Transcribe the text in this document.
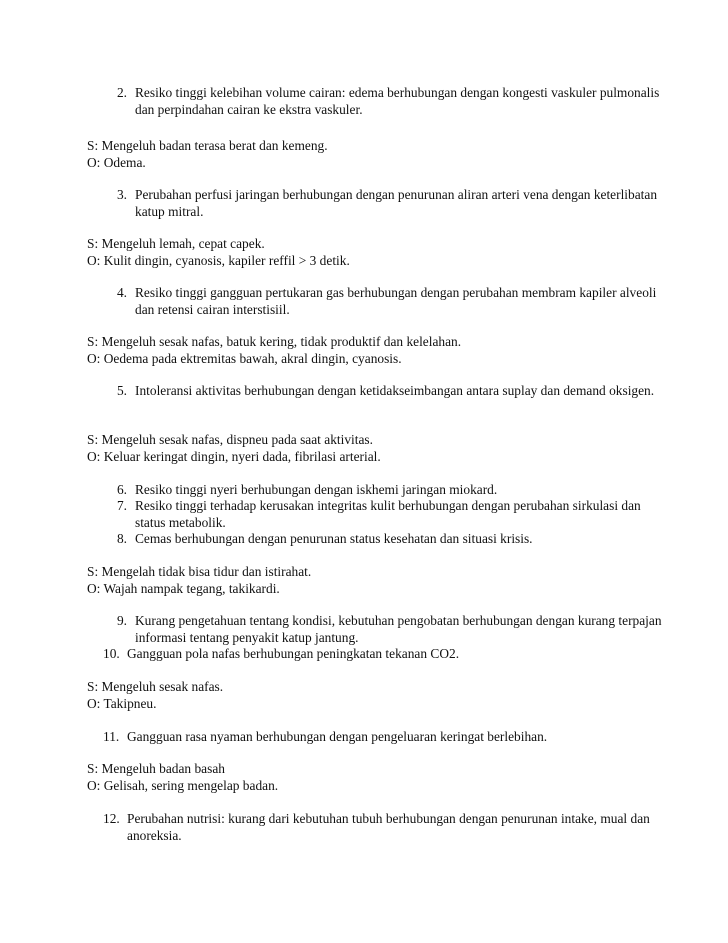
2. Resiko tinggi kelebihan volume cairan: edema berhubungan dengan kongesti vaskuler pulmonalis dan perpindahan cairan ke ekstra vaskuler.
S: Mengeluh badan terasa berat dan kemeng.
O: Odema.
3. Perubahan perfusi jaringan berhubungan dengan penurunan aliran arteri vena dengan keterlibatan katup mitral.
S: Mengeluh lemah, cepat capek.
O: Kulit dingin, cyanosis, kapiler reffil > 3 detik.
4. Resiko tinggi gangguan pertukaran gas berhubungan dengan perubahan membram kapiler alveoli dan retensi cairan interstisiil.
S: Mengeluh sesak nafas, batuk kering, tidak produktif dan kelelahan.
O: Oedema pada ektremitas bawah, akral dingin, cyanosis.
5. Intoleransi aktivitas berhubungan dengan ketidakseimbangan antara suplay dan demand oksigen.
S: Mengeluh sesak nafas, dispneu pada saat aktivitas.
O: Keluar keringat dingin, nyeri dada, fibrilasi arterial.
6. Resiko tinggi nyeri berhubungan dengan iskhemi jaringan miokard.
7. Resiko tinggi terhadap kerusakan integritas kulit berhubungan dengan perubahan sirkulasi dan status metabolik.
8. Cemas berhubungan dengan penurunan status kesehatan dan situasi krisis.
S: Mengelah tidak bisa tidur dan istirahat.
O: Wajah nampak tegang, takikardi.
9. Kurang pengetahuan tentang kondisi, kebutuhan pengobatan berhubungan dengan kurang terpajan informasi tentang penyakit katup jantung.
10. Gangguan pola nafas berhubungan peningkatan tekanan CO2.
S: Mengeluh sesak nafas.
O: Takipneu.
11. Gangguan rasa nyaman berhubungan dengan pengeluaran keringat berlebihan.
S: Mengeluh badan basah
O: Gelisah, sering mengelap badan.
12. Perubahan nutrisi: kurang dari kebutuhan tubuh berhubungan dengan penurunan intake, mual dan anoreksia.
